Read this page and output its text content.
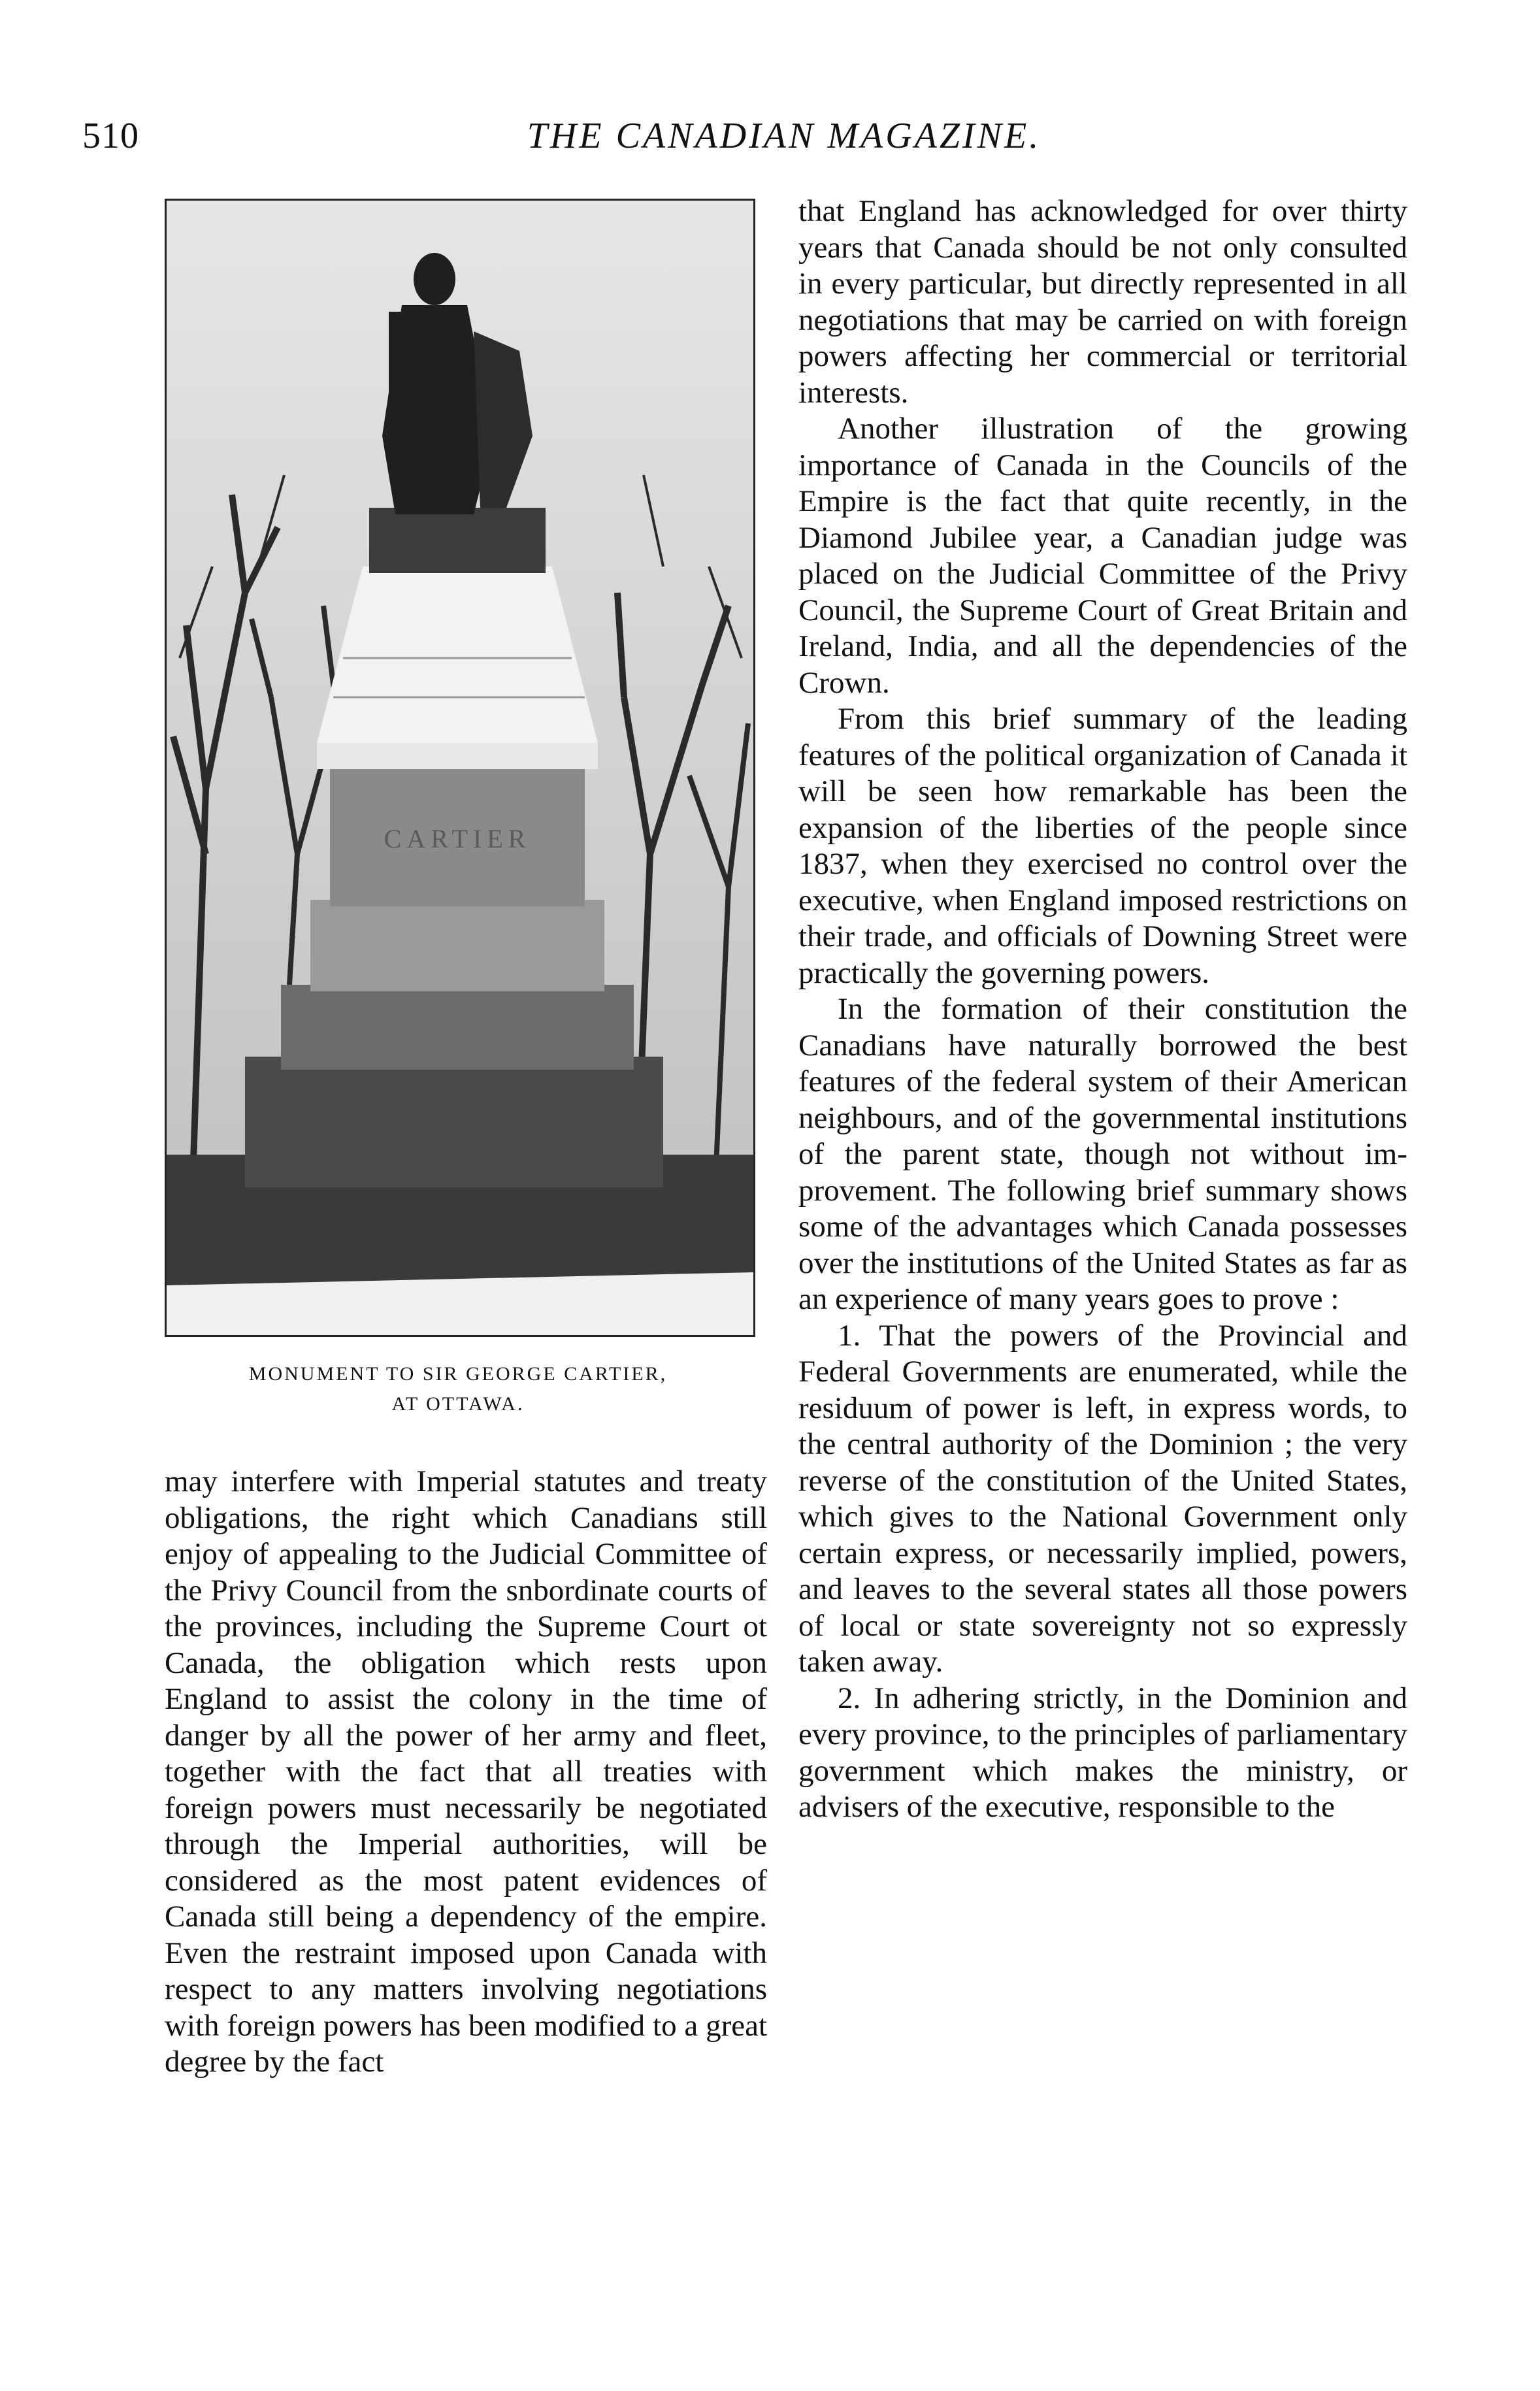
510	THE CANADIAN MAGAZINE.
CARTIER
MONUMENT TO SIR GEORGE CARTIER,
AT OTTAWA.

may interfere with Imperial statutes and treaty obligations, the right which Canadians still enjoy of appealing to the Judicial Committee of the Privy Council from the snbordinate courts of the provinces, including the Supreme Court ot Canada, the obligation which rests upon England to assist the colony in the time of danger by all the power of her army and fleet, together with the fact that all treaties with foreign powers must necessarily be negotiated through the Imperial authorities, will be considered as the most patent evidences of Canada still being a dependency of the empire. Even the restraint imposed upon Canada with respect to any matters involving negotiations with foreign powers has been modified to a great degree by the fact

that England has acknowledged for over thirty years that Canada should be not only consulted in every particular, but directly represented in all negotiations that may be carried on with foreign powers affecting her commercial or territorial interests.

Another illustration of the growing importance of Canada in the Councils of the Empire is the fact that quite recently, in the Diamond Jubilee year, a Canadian judge was placed on the Judicial Committee of the Privy Council, the Supreme Court of Great Britain and Ireland, India, and all the dependencies of the Crown.

From this brief summary of the leading features of the political organization of Canada it will be seen how remarkable has been the expansion of the liberties of the people since 1837, when they exercised no control over the executive, when England imposed restrictions on their trade, and officials of Downing Street were practically the governing powers.

In the formation of their constitution the Canadians have naturally borrowed the best features of the federal system of their American neighbours, and of the governmental institutions of the parent state, though not without improvement. The following brief summary shows some of the advantages which Canada possesses over the institutions of the United States as far as an experience of many years goes to prove :

1. That the powers of the Provincial and Federal Governments are enumerated, while the residuum of power is left, in express words, to the central authority of the Dominion ; the very reverse of the constitution of the United States, which gives to the National Government only certain express, or necessarily implied, powers, and leaves to the several states all those powers of local or state sovereignty not so expressly taken away.

2. In adhering strictly, in the Dominion and every province, to the principles of parliamentary government which makes the ministry, or advisers of the executive, responsible to the
